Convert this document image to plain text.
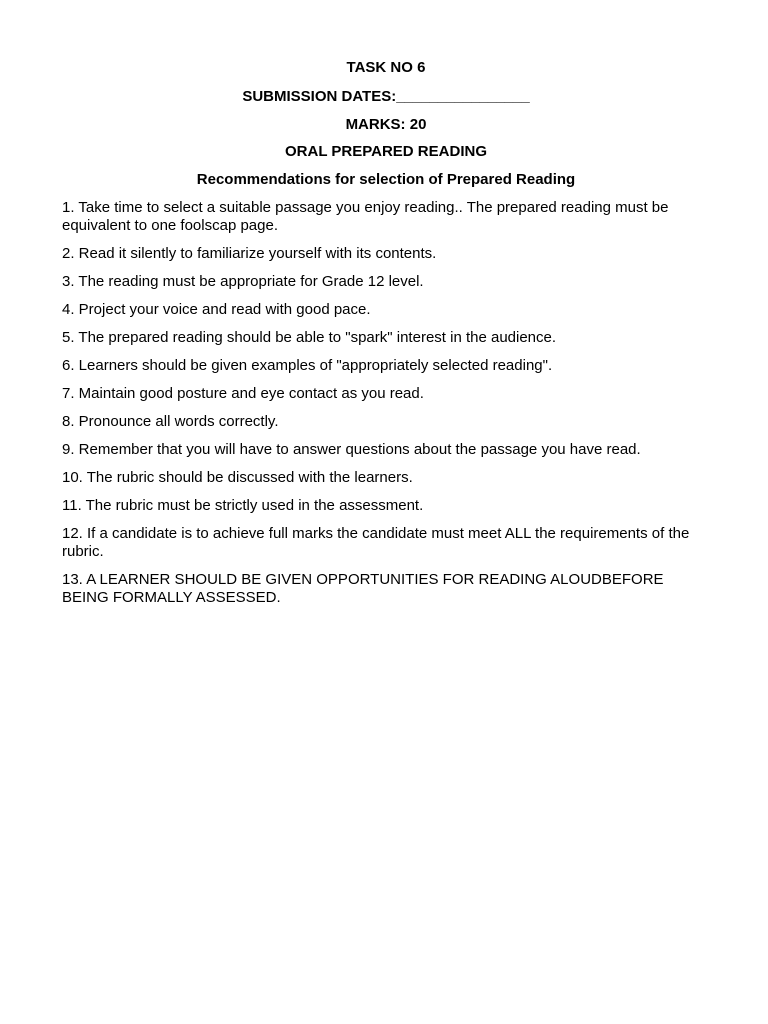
TASK NO 6
SUBMISSION DATES:________________
MARKS: 20
ORAL PREPARED READING
Recommendations for selection of Prepared Reading
1. Take time to select a suitable passage you enjoy reading.. The prepared reading must be equivalent to one foolscap page.
2. Read it silently to familiarize yourself with its contents.
3. The reading must be appropriate for Grade 12 level.
4. Project your voice and read with good pace.
5. The prepared reading should be able to "spark" interest in the audience.
6. Learners should be given examples of "appropriately selected reading".
7. Maintain good posture and eye contact as you read.
8. Pronounce all words correctly.
9. Remember that you will have to answer questions about the passage you have read.
10. The rubric should be discussed with the learners.
11. The rubric must be strictly used in the assessment.
12. If a candidate is to achieve full marks the candidate must meet ALL the requirements of the rubric.
13. A LEARNER SHOULD BE GIVEN OPPORTUNITIES FOR READING ALOUDBEFORE BEING FORMALLY ASSESSED.
